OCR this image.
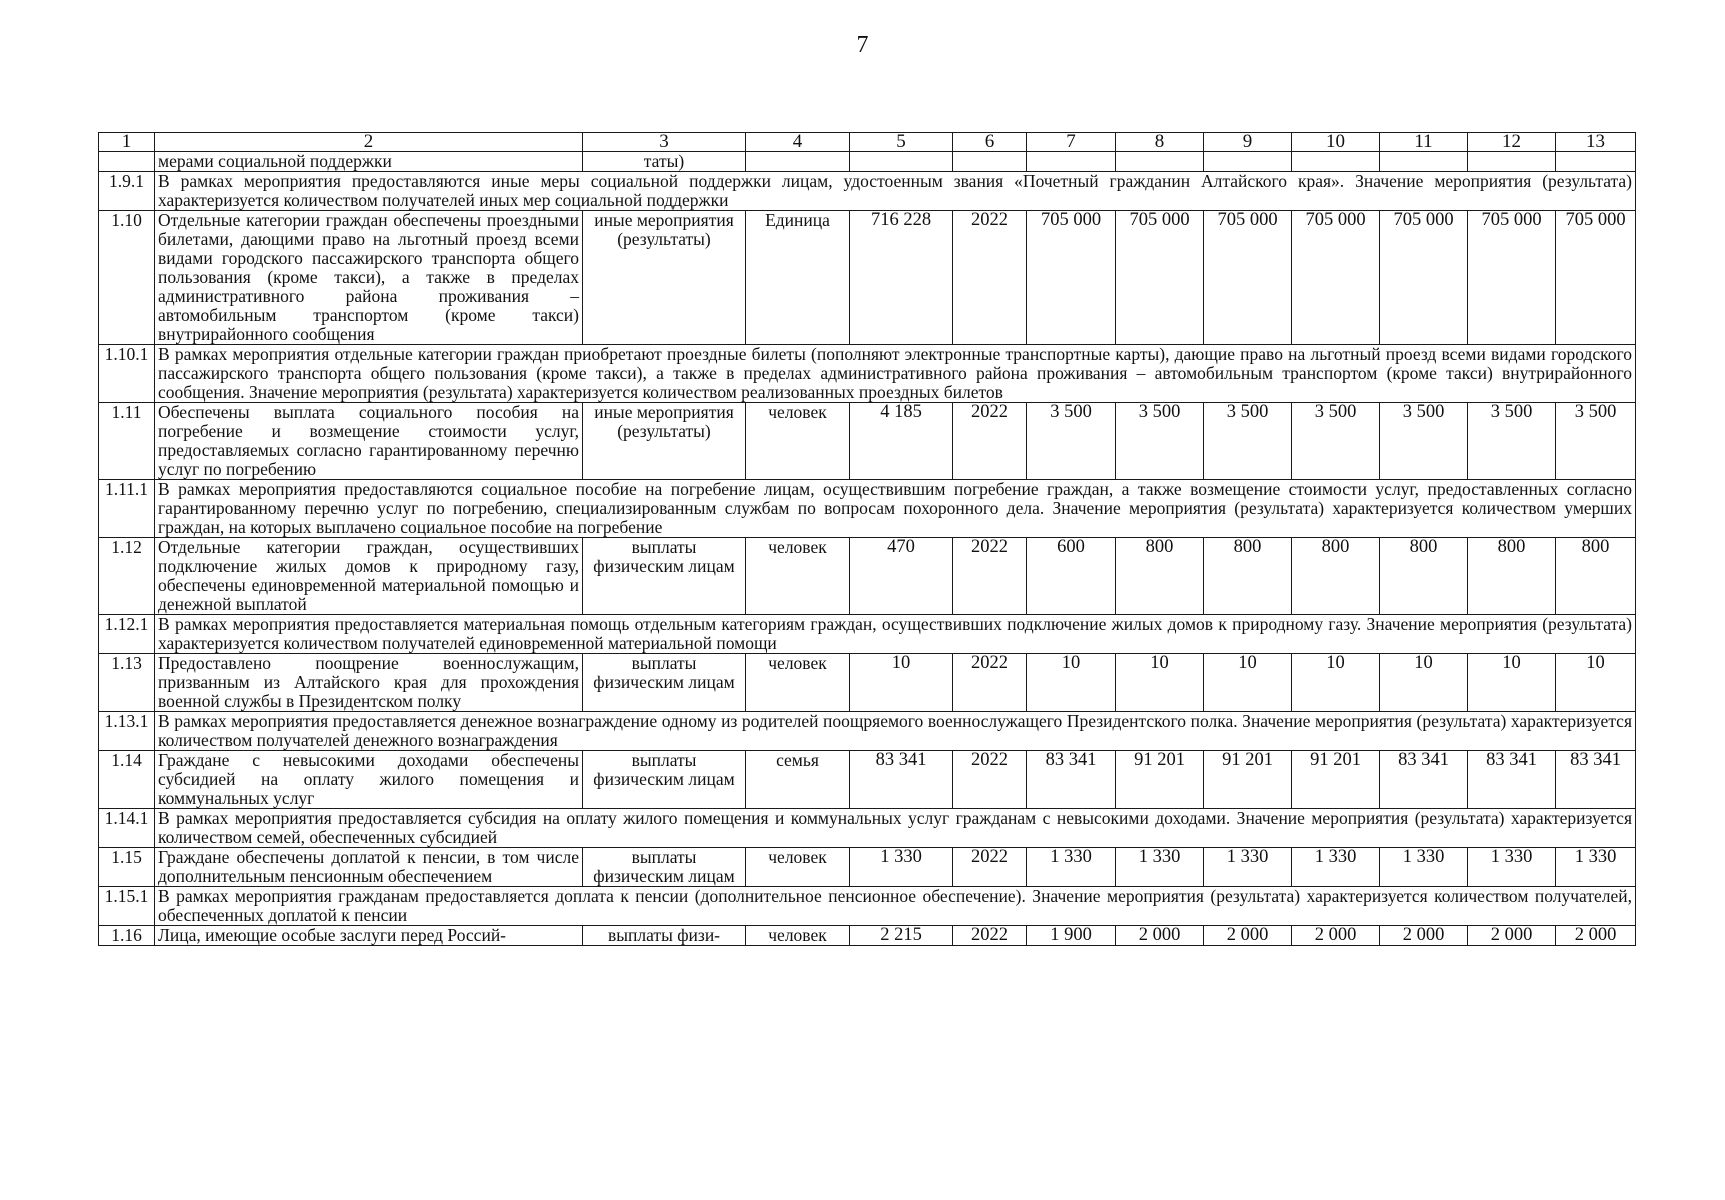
7
1	2	3	4	5	6	7	8	9	10	11	12	13
	мерами социальной поддержки	таты)										
1.9.1	В рамках мероприятия предоставляются иные меры социальной поддержки лицам, удостоенным звания «Почетный гражданин Алтайского края». Значение мероприятия (результата) характеризуется количеством получателей иных мер социальной поддержки											
1.10	Отдельные категории граждан обеспечены проездными билетами, дающими право на льготный проезд всеми видами городского пассажирского транспорта общего пользования (кроме такси), а также в пределах административного района проживания – автомобильным транспортом (кроме такси) внутрирайонного сообщения	иные мероприятия (результаты)	Единица	716 228	2022	705 000	705 000	705 000	705 000	705 000	705 000	705 000
1.10.1	В рамках мероприятия отдельные категории граждан приобретают проездные билеты (пополняют электронные транспортные карты), дающие право на льготный проезд всеми видами городского пассажирского транспорта общего пользования (кроме такси), а также в пределах административного района проживания – автомобильным транспортом (кроме такси) внутрирайонного сообщения. Значение мероприятия (результата) характеризуется количеством реализованных проездных билетов											
1.11	Обеспечены выплата социального пособия на погребение и возмещение стоимости услуг, предоставляемых согласно гарантированному перечню услуг по погребению	иные мероприятия (результаты)	человек	4 185	2022	3 500	3 500	3 500	3 500	3 500	3 500	3 500
1.11.1	В рамках мероприятия предоставляются социальное пособие на погребение лицам, осуществившим погребение граждан, а также возмещение стоимости услуг, предоставленных согласно гарантированному перечню услуг по погребению, специализированным службам по вопросам похоронного дела. Значение мероприятия (результата) характеризуется количеством умерших граждан, на которых выплачено социальное пособие на погребение											
1.12	Отдельные категории граждан, осуществивших подключение жилых домов к природному газу, обеспечены единовременной материальной помощью и денежной выплатой	выплаты физическим лицам	человек	470	2022	600	800	800	800	800	800	800
1.12.1	В рамках мероприятия предоставляется материальная помощь отдельным категориям граждан, осуществивших подключение жилых домов к природному газу. Значение мероприятия (результата) характеризуется количеством получателей единовременной материальной помощи											
1.13	Предоставлено поощрение военнослужащим, призванным из Алтайского края для прохождения военной службы в Президентском полку	выплаты физическим лицам	человек	10	2022	10	10	10	10	10	10	10
1.13.1	В рамках мероприятия предоставляется денежное вознаграждение одному из родителей поощряемого военнослужащего Президентского полка. Значение мероприятия (результата) характеризуется количеством получателей денежного вознаграждения											
1.14	Граждане с невысокими доходами обеспечены субсидией на оплату жилого помещения и коммунальных услуг	выплаты физическим лицам	семья	83 341	2022	83 341	91 201	91 201	91 201	83 341	83 341	83 341
1.14.1	В рамках мероприятия предоставляется субсидия на оплату жилого помещения и коммунальных услуг гражданам с невысокими доходами. Значение мероприятия (результата) характеризуется количеством семей, обеспеченных субсидией											
1.15	Граждане обеспечены доплатой к пенсии, в том числе дополнительным пенсионным обеспечением	выплаты физическим лицам	человек	1 330	2022	1 330	1 330	1 330	1 330	1 330	1 330	1 330
1.15.1	В рамках мероприятия гражданам предоставляется доплата к пенсии (дополнительное пенсионное обеспечение). Значение мероприятия (результата) характеризуется количеством получателей, обеспеченных доплатой к пенсии											
1.16	Лица, имеющие особые заслуги перед Россий-	выплаты физи-	человек	2 215	2022	1 900	2 000	2 000	2 000	2 000	2 000	2 000
